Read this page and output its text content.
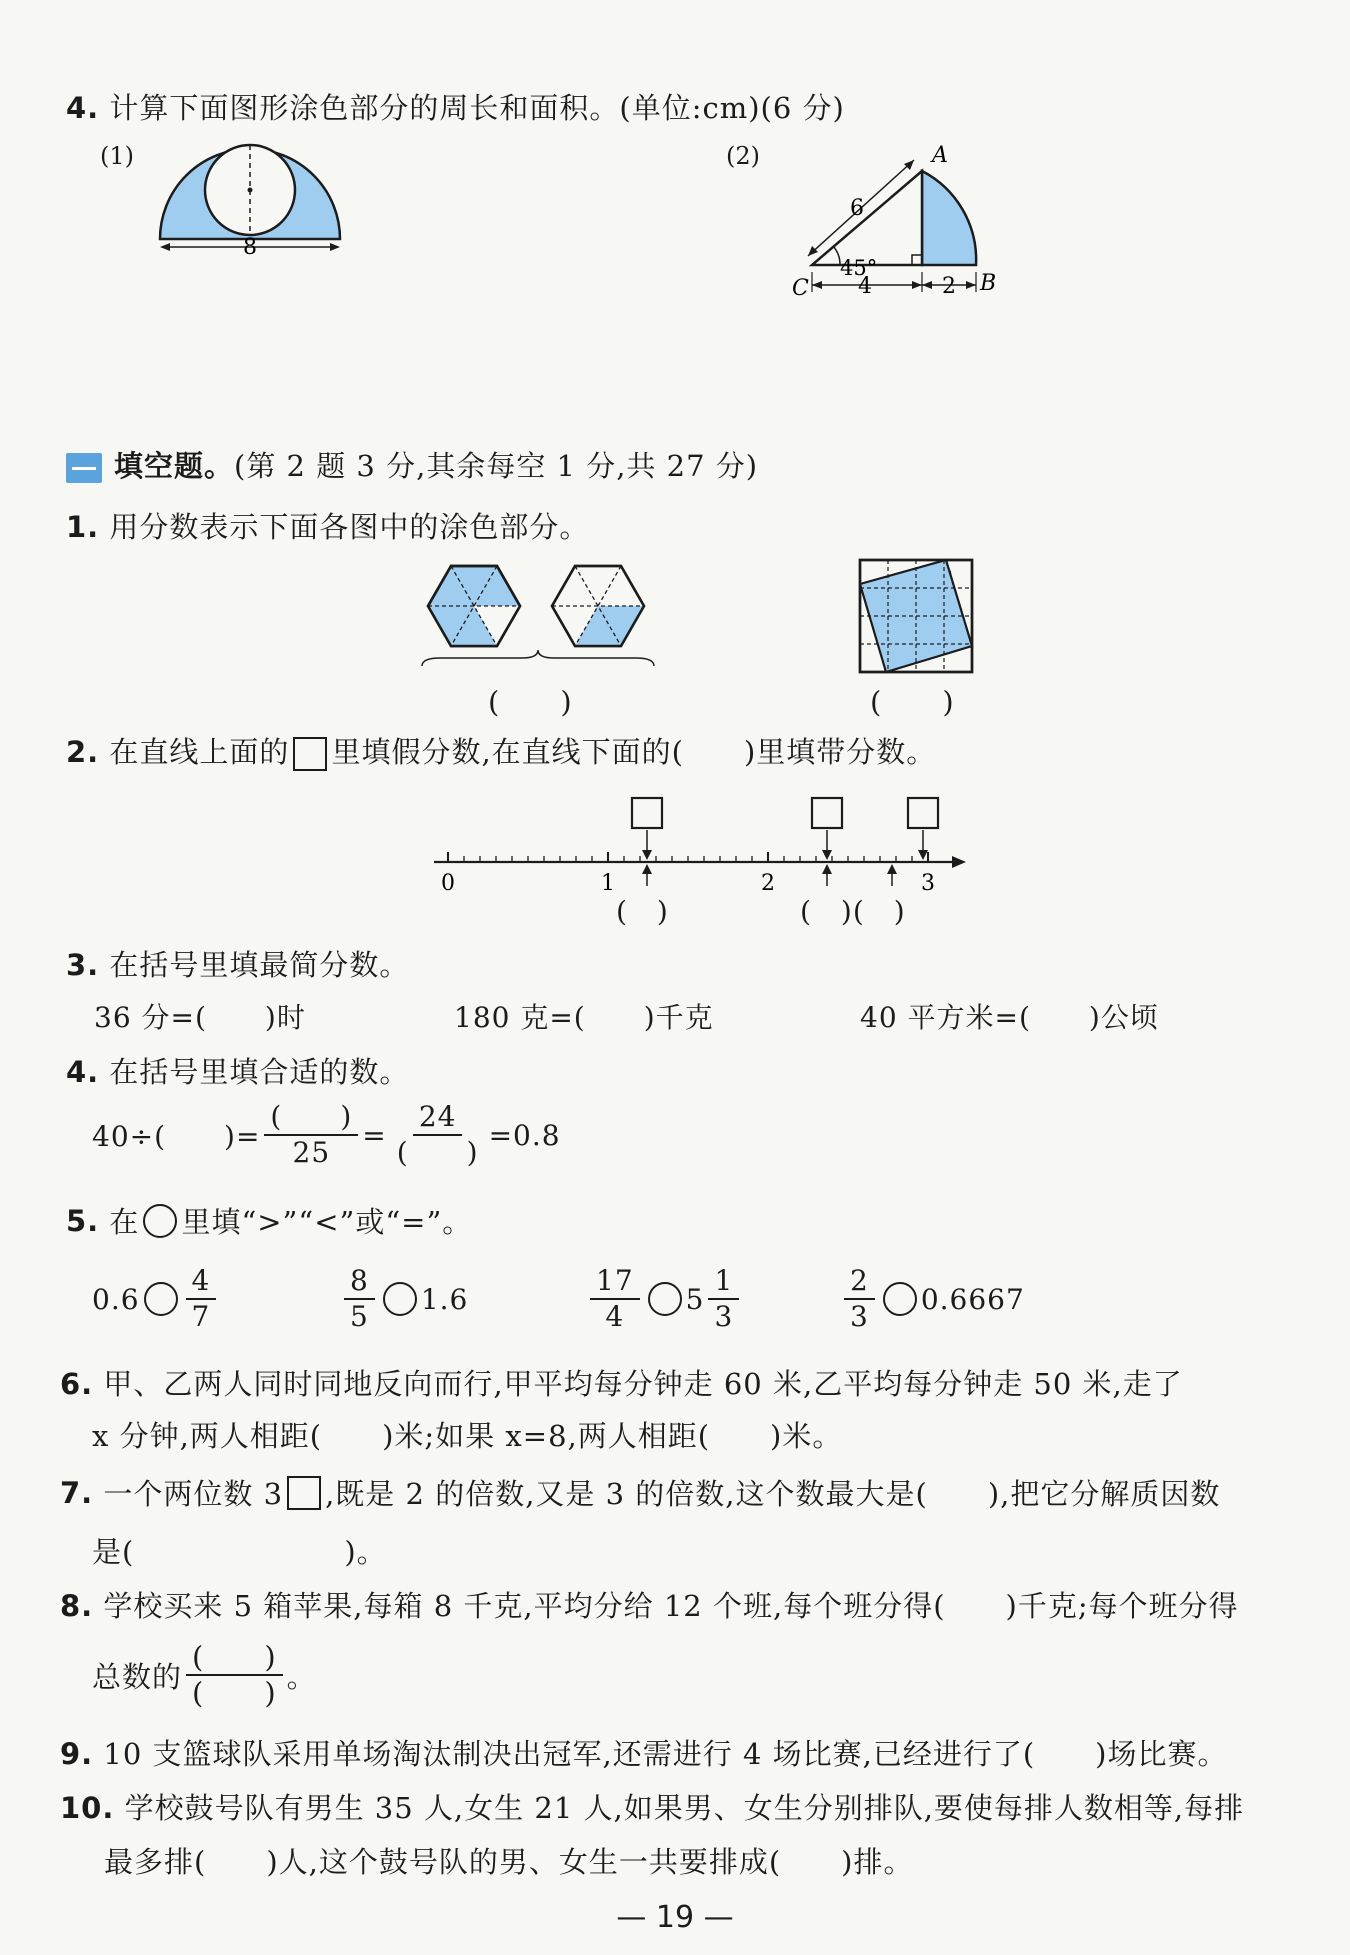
4. 计算下面图形涂色部分的周长和面积。(单位:cm)(6 分)
(1)	(2)
8
A
B
C
45°
6
4	2
填空题。(第 2 题 3 分,其余每空 1 分,共 27 分)
1. 用分数表示下面各图中的涂色部分。
(　　)	(　　)
2. 在直线上面的 里填假分数,在直线下面的(　　)里填带分数。
0	1	2	3
(　)	(　)(　)
3. 在括号里填最简分数。
36 分=(　　)时	180 克=(　　)千克	40 平方米=(　　)公顷
4. 在括号里填合适的数。
40÷(　　)= $\frac{( )}{25} = \frac{24}{( )} =0.8$
5.
在 里填“>”“<”或“=”。
$0.6 \frac{4}{7}$	$\frac{8}{5} 1.6$	$\frac{17}{4} 5 \frac{1}{3}$	$\frac{2}{3} 0.6667$
6. 甲、乙两人同时同地反向而行,甲平均每分钟走 60 米,乙平均每分钟走 50 米,走了
x 分钟,两人相距(　　)米;如果 x=8,两人相距(　　)米。
7.
一个两位数 3 ,既是 2 的倍数,又是 3 的倍数,这个数最大是(　　),把它分解质因数
是(　　　　　　　)。
8. 学校买来 5 箱苹果,每箱 8 千克,平均分给 12 个班,每个班分得(　　)千克;每个班分得
总数的 $\frac{( )}{( )}$ 。
9. 10 支篮球队采用单场淘汰制决出冠军,还需进行 4 场比赛,已经进行了(　　)场比赛。
10. 学校鼓号队有男生 35 人,女生 21 人,如果男、女生分别排队,要使每排人数相等,每排
最多排(　　)人,这个鼓号队的男、女生一共要排成(　　)排。
— 19 —
